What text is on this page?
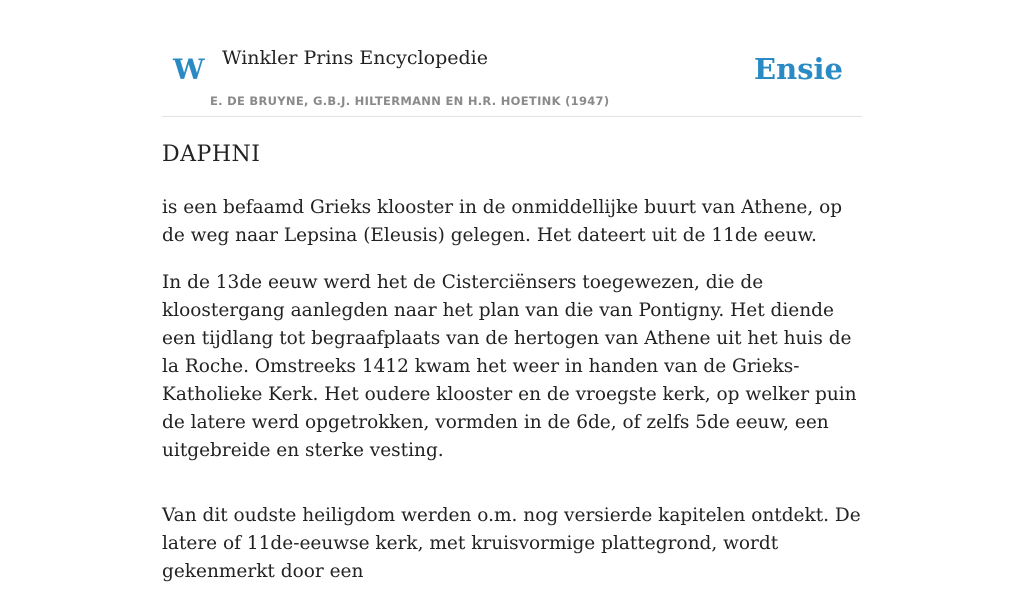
W Winkler Prins Encyclopedie
E. DE BRUYNE, G.B.J. HILTERMANN EN H.R. HOETINK (1947)
Ensie
DAPHNI

is een befaamd Grieks klooster in de onmiddellijke buurt van Athene, op de weg naar Lepsina (Eleusis) gelegen. Het dateert uit de 11de eeuw.

In de 13de eeuw werd het de Cisterciënsers toegewezen, die de kloostergang aanlegden naar het plan van die van Pontigny. Het diende een tijdlang tot begraafplaats van de hertogen van Athene uit het huis de la Roche. Omstreeks 1412 kwam het weer in handen van de Grieks-Katholieke Kerk. Het oudere klooster en de vroegste kerk, op welker puin de latere werd opgetrokken, vormden in de 6de, of zelfs 5de eeuw, een uitgebreide en sterke vesting.

Van dit oudste heiligdom werden o.m. nog versierde kapitelen ontdekt. De latere of 11de-eeuwse kerk, met kruisvormige plattegrond, wordt gekenmerkt door een
